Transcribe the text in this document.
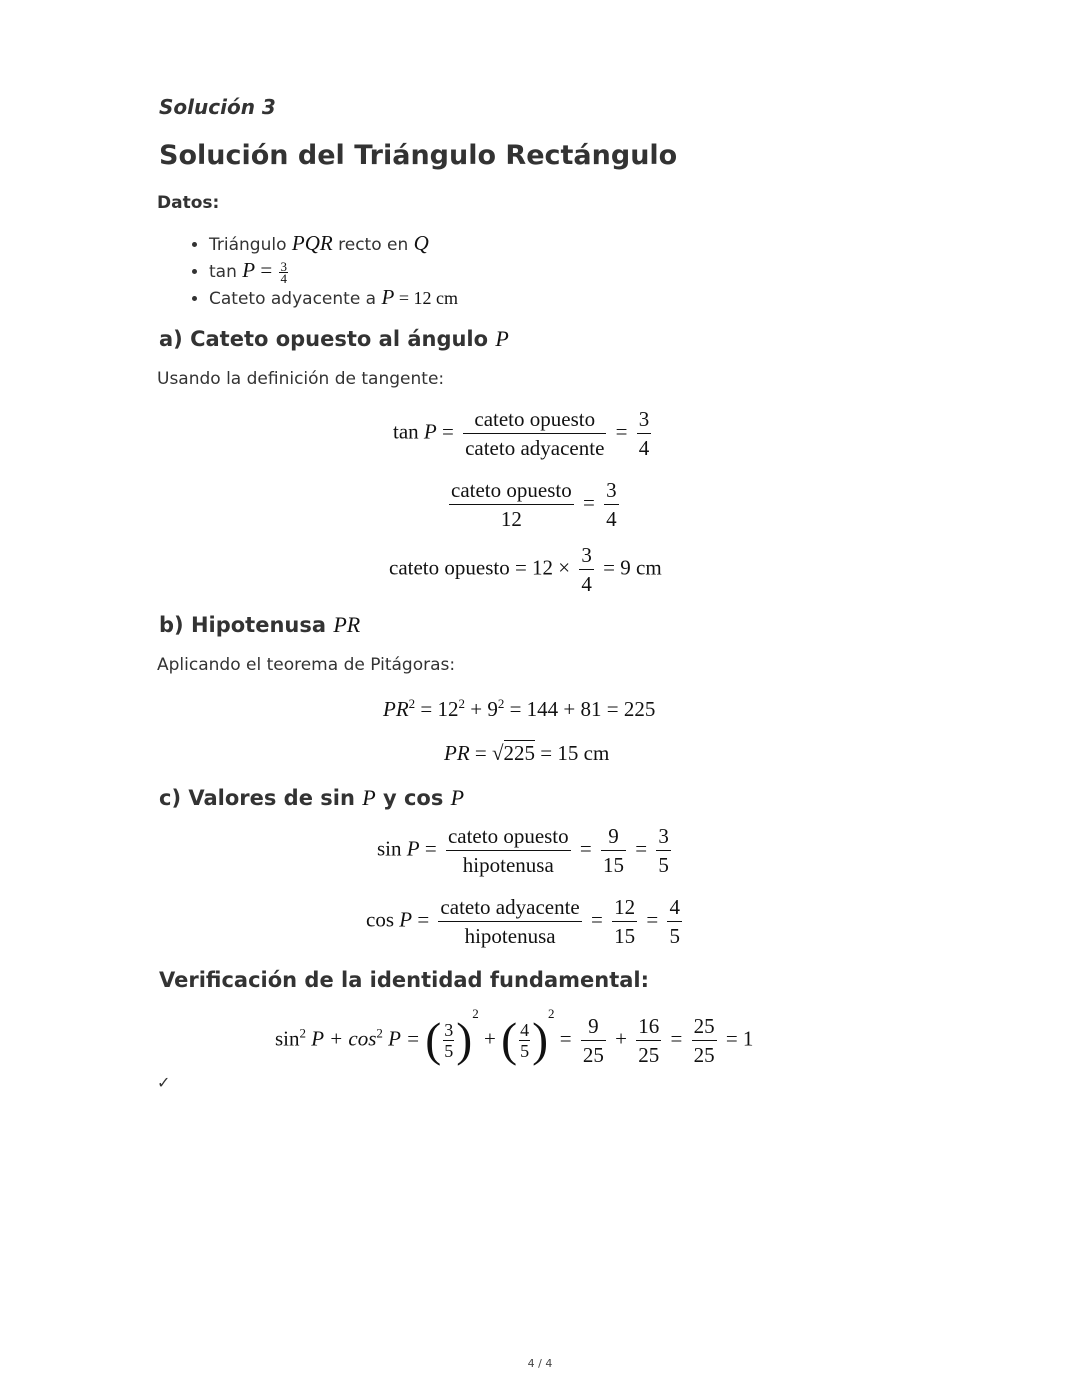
Solución 3
Solución del Triángulo Rectángulo
Datos:
• Triángulo PQR recto en Q
• $\tan P = \frac{3}{4}$
• Cateto adyacente a P = 12 cm
a) Cateto opuesto al ángulo P
Usando la definición de tangente:
$\tan P = \frac{\text{cateto opuesto}}{\text{cateto adyacente}} = \frac{3}{4}$
$\frac{\text{cateto opuesto}}{12} = \frac{3}{4}$
cateto opuesto = $12 \times \frac{3}{4} = 9$ cm
b) Hipotenusa PR
Aplicando el teorema de Pitágoras:
$PR^2 = 12^2 + 9^2 = 144 + 81 = 225$
PR = √225 = 15 cm
c) Valores de sin P y cos P
$\sin P = \frac{\text{cateto opuesto}}{\text{hipotenusa}} = \frac{9}{15} = \frac{3}{5}$
$\cos P = \frac{\text{cateto adyacente}}{\text{hipotenusa}} = \frac{12}{15} = \frac{4}{5}$
Verificación de la identidad fundamental:
$\sin^2 P + \cos^2 P$ = ( $\frac{3}{5} )^2$ + ( $\frac{4}{5} )^2 = \frac{9}{25} + \frac{16}{25} = \frac{25}{25} = 1$
✓
4 / 4
